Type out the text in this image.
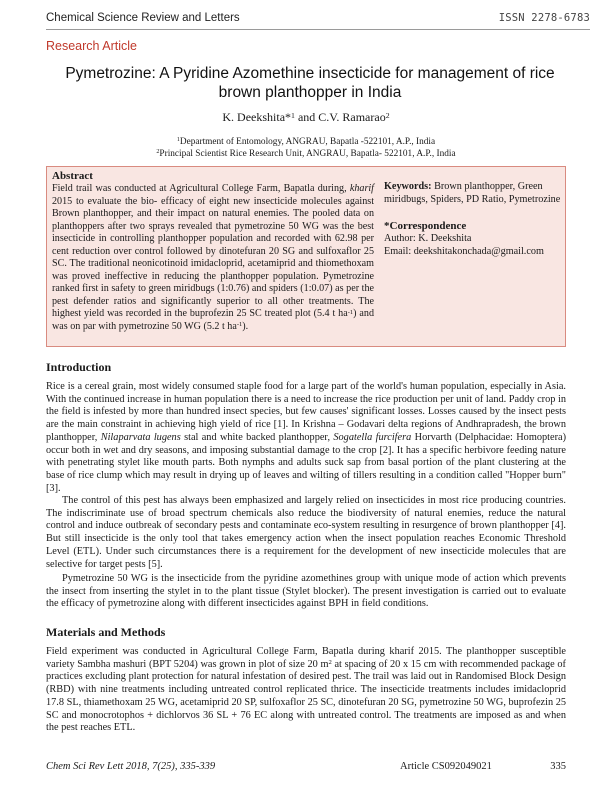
Chemical Science Review and Letters	ISSN 2278-6783
Research Article
Pymetrozine: A Pyridine Azomethine insecticide for management of rice
brown planthopper in India
K. Deekshita*$^1$ and C.V. Ramarao$^2$
$^1$Department of Entomology, ANGRAU, Bapatla -522101, A.P., India
$^2$Principal Scientist Rice Research Unit, ANGRAU, Bapatla- 522101, A.P., India
Abstract

Field trail was conducted at Agricultural College Farm, Bapatla during, kharif 2015 to evaluate the bio- efficacy of eight new insecticide molecules against Brown planthopper, and their impact on natural enemies. The pooled data on planthoppers after two sprays revealed that pymetrozine 50 WG was the best insecticide in controlling planthopper population and recorded with 62.98 per cent reduction over control followed by dinotefuran 20 SG and sulfoxaflor 25 SC. The traditional neonicotinoid imidacloprid, acetamiprid and thiomethoxam was proved ineffective in reducing the planthopper population. Pymetrozine ranked first in safety to green miridbugs (1:0.76) and spiders (1:0.07) as per the pest defender ratios and significantly superior to all other treatments. The highest yield was recorded in the buprofezin 25 SC treated plot (5.4 t $ha^{-1}$) and was on par with pymetrozine 50 WG (5.2 t $ha^{-1}$).

Keywords: Brown planthopper, Green miridbugs, Spiders, PD Ratio, Pymetrozine
*Correspondence
Author: K. Deekshita
Email: deekshitakonchada@gmail.com
Introduction

Rice is a cereal grain, most widely consumed staple food for a large part of the world's human population, especially in Asia. With the continued increase in human population there is a need to increase the rice production per unit of land. Paddy crop in the field is infested by more than hundred insect species, but few causes' significant losses. Losses caused by the insect pests are the main constraint in achieving high yield of rice [1]. In Krishna – Godavari delta regions of Andhrapradesh, the brown planthopper, Nilaparvata lugens stal and white backed planthopper, Sogatella furcifera Horvarth (Delphacidae: Homoptera) occur both in wet and dry seasons, and imposing substantial damage to the crop [2]. It has a specific herbivore feeding nature with penetrating stylet like mouth parts. Both nymphs and adults suck sap from basal portion of the plant clustering at the base of rice clump which may result in drying up of leaves and wilting of tillers resulting in a condition called "Hopper burn" [3].

The control of this pest has always been emphasized and largely relied on insecticides in most rice producing countries. The indiscriminate use of broad spectrum chemicals also reduce the biodiversity of natural enemies, reduce the natural control and induce outbreak of secondary pests and contaminate eco-system resulting in resurgence of brown planthopper [4]. But still insecticide is the only tool that takes emergency action when the insect population reaches Economic Threshold Level (ETL). Under such circumstances there is a requirement for the development of new insecticide molecules that are selective for target pests [5].

Pymetrozine 50 WG is the insecticide from the pyridine azomethines group with unique mode of action which prevents the insect from inserting the stylet in to the plant tissue (Stylet blocker). The present investigation is carried out to evaluate the efficacy of pymetrozine along with different insecticides against BPH in field conditions.

Materials and Methods

Field experiment was conducted in Agricultural College Farm, Bapatla during kharif 2015. The planthopper susceptible variety Sambha mashuri (BPT 5204) was grown in plot of size 20 $m^2$ at spacing of 20 x 15 cm with recommended package of practices excluding plant protection for natural infestation of desired pest. The trail was laid out in Randomised Block Design (RBD) with nine treatments including untreated control replicated thrice. The insecticide treatments includes imidacloprid 17.8 SL, thiamethoxam 25 WG, acetamiprid 20 SP, sulfoxaflor 25 SC, dinotefuran 20 SG, pymetrozine 50 WG, buprofezin 25 SC and monocrotophos + dichlorvos 36 SL + 76 EC along with untreated control. The treatments are imposed as and when the pest reaches ETL.

Chem Sci Rev Lett 2018, 7(25), 335-339	Article CS092049021	335
